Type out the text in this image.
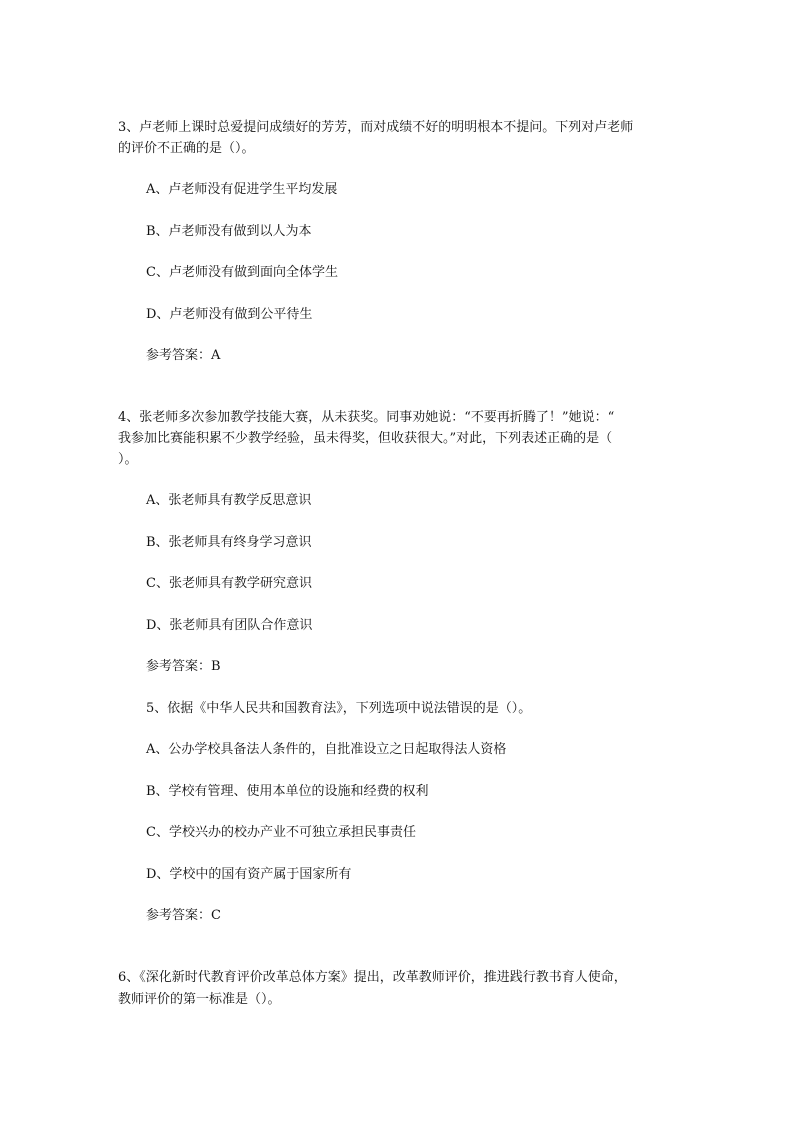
3、卢老师上课时总爱提问成绩好的芳芳，而对成绩不好的明明根本不提问。下列对卢老师
的评价不正确的是（）。
A、卢老师没有促进学生平均发展
B、卢老师没有做到以人为本
C、卢老师没有做到面向全体学生
D、卢老师没有做到公平待生
参考答案：A
4、张老师多次参加教学技能大赛，从未获奖。同事劝她说：“不要再折腾了！”她说：“
我参加比赛能积累不少教学经验，虽未得奖，但收获很大。”对此，下列表述正确的是（
）。
A、张老师具有教学反思意识
B、张老师具有终身学习意识
C、张老师具有教学研究意识
D、张老师具有团队合作意识
参考答案：B
5、依据《中华人民共和国教育法》，下列选项中说法错误的是（）。
A、公办学校具备法人条件的，自批准设立之日起取得法人资格
B、学校有管理、使用本单位的设施和经费的权利
C、学校兴办的校办产业不可独立承担民事责任
D、学校中的国有资产属于国家所有
参考答案：C
6、《深化新时代教育评价改革总体方案》提出，改革教师评价，推进践行教书育人使命，
教师评价的第一标准是（）。
